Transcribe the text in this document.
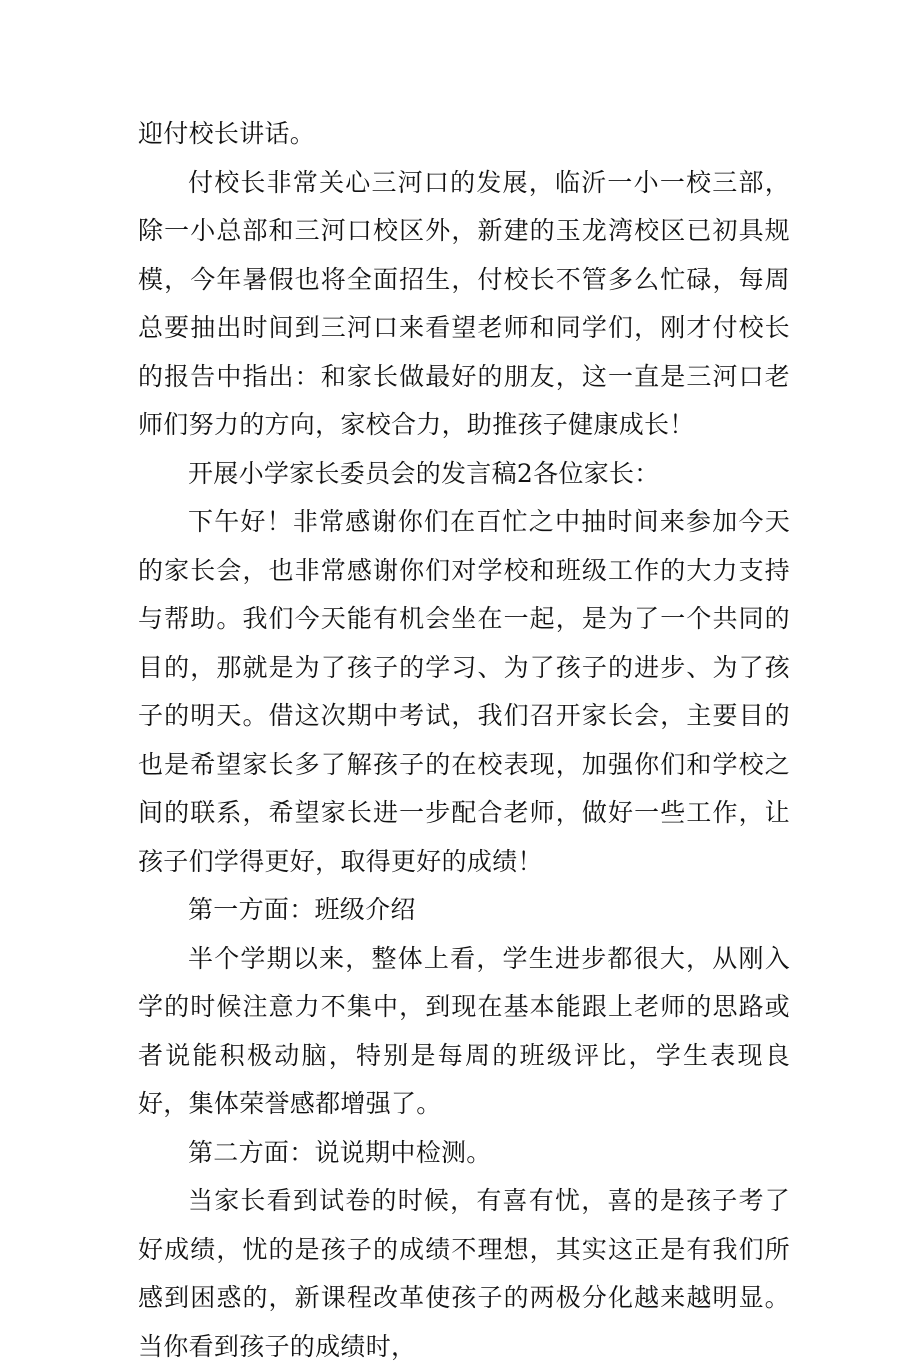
迎付校长讲话。

付校长非常关心三河口的发展，临沂一小一校三部，除一小总部和三河口校区外，新建的玉龙湾校区已初具规模，今年暑假也将全面招生，付校长不管多么忙碌，每周总要抽出时间到三河口来看望老师和同学们，刚才付校长的报告中指出：和家长做最好的朋友，这一直是三河口老师们努力的方向，家校合力，助推孩子健康成长！

开展小学家长委员会的发言稿2各位家长：

下午好！非常感谢你们在百忙之中抽时间来参加今天的家长会，也非常感谢你们对学校和班级工作的大力支持与帮助。我们今天能有机会坐在一起，是为了一个共同的目的，那就是为了孩子的学习、为了孩子的进步、为了孩子的明天。借这次期中考试，我们召开家长会，主要目的也是希望家长多了解孩子的在校表现，加强你们和学校之间的联系，希望家长进一步配合老师，做好一些工作，让孩子们学得更好，取得更好的成绩！

第一方面：班级介绍

半个学期以来，整体上看，学生进步都很大，从刚入学的时候注意力不集中，到现在基本能跟上老师的思路或者说能积极动脑，特别是每周的班级评比，学生表现良好，集体荣誉感都增强了。

第二方面：说说期中检测。

当家长看到试卷的时候，有喜有忧，喜的是孩子考了好成绩，忧的是孩子的成绩不理想，其实这正是有我们所感到困惑的，新课程改革使孩子的两极分化越来越明显。当你看到孩子的成绩时，
